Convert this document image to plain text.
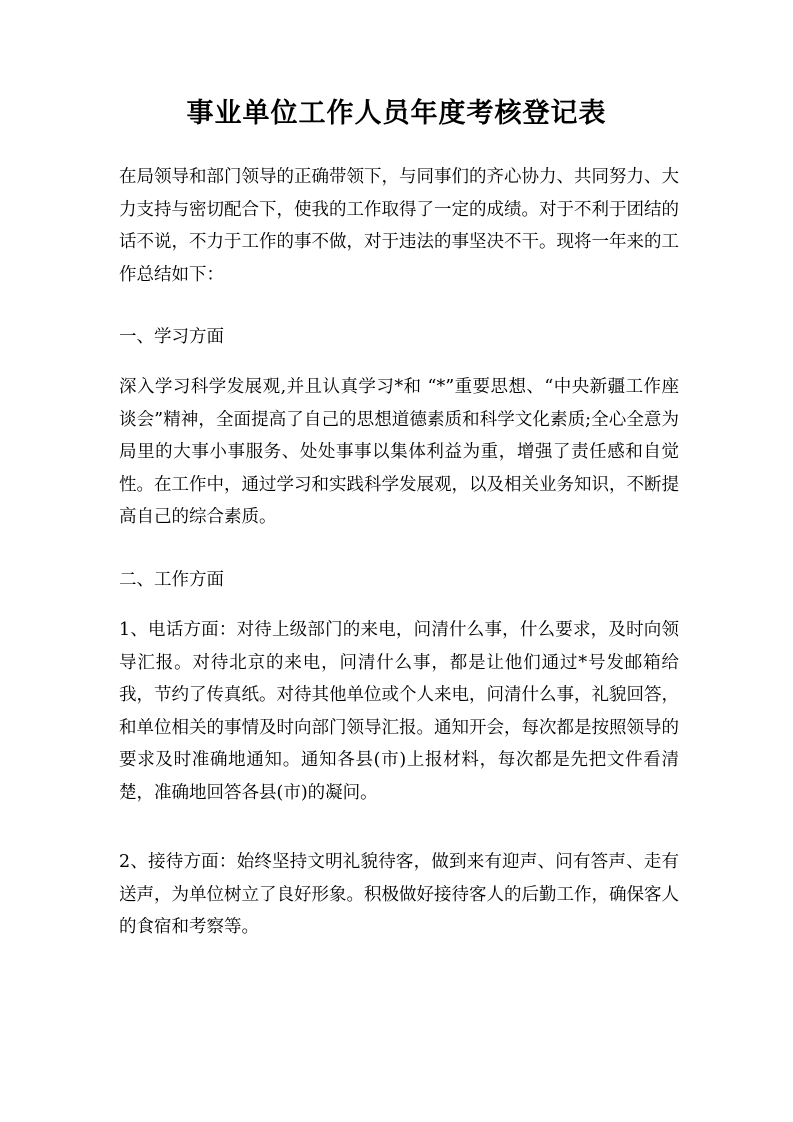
事业单位工作人员年度考核登记表

在局领导和部门领导的正确带领下，与同事们的齐心协力、共同努力、大力支持与密切配合下，使我的工作取得了一定的成绩。对于不利于团结的话不说，不力于工作的事不做，对于违法的事坚决不干。现将一年来的工作总结如下：

一、学习方面

深入学习科学发展观,并且认真学习*和 “*”重要思想、“中央新疆工作座谈会”精神，全面提高了自己的思想道德素质和科学文化素质;全心全意为局里的大事小事服务、处处事事以集体利益为重，增强了责任感和自觉性。在工作中，通过学习和实践科学发展观，以及相关业务知识，不断提高自己的综合素质。

二、工作方面

1、电话方面：对待上级部门的来电，问清什么事，什么要求，及时向领导汇报。对待北京的来电，问清什么事，都是让他们通过*号发邮箱给我，节约了传真纸。对待其他单位或个人来电，问清什么事，礼貌回答，和单位相关的事情及时向部门领导汇报。通知开会，每次都是按照领导的要求及时准确地通知。通知各县(市)上报材料，每次都是先把文件看清楚，准确地回答各县(市)的凝问。

2、接待方面：始终坚持文明礼貌待客，做到来有迎声、问有答声、走有送声，为单位树立了良好形象。积极做好接待客人的后勤工作，确保客人的食宿和考察等。
